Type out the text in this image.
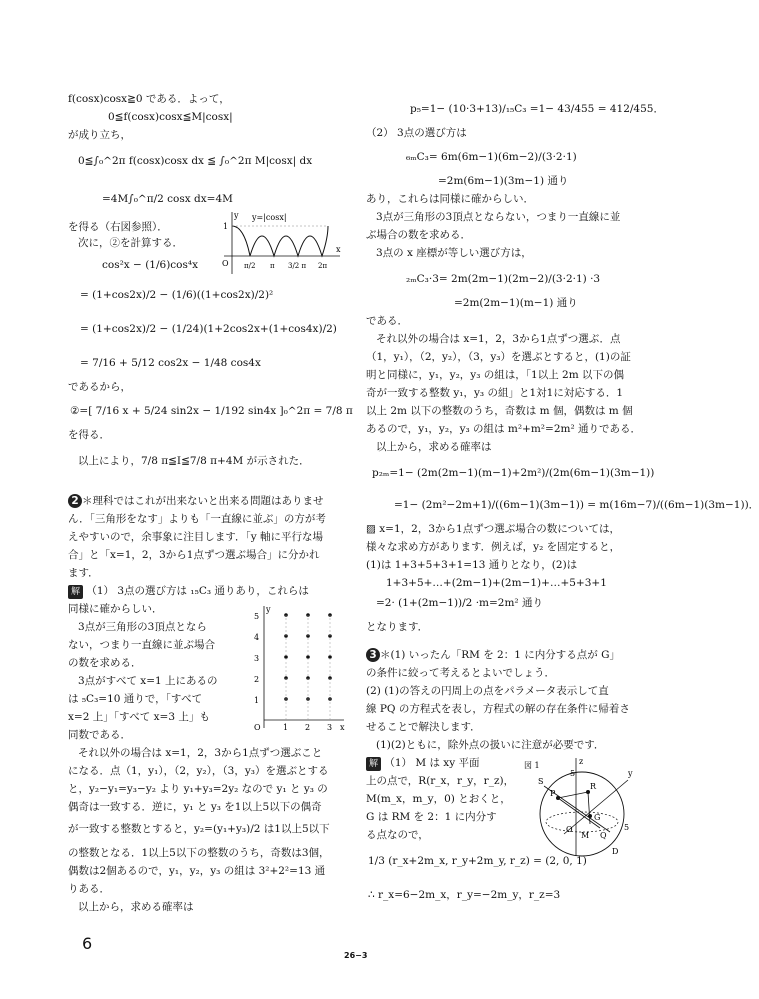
f(cosx)cosx≧0 である．よって，
0≦f(cosx)cosx≦M|cosx|
が成り立ち，
0≦∫₀^2π f(cosx)cosx dx ≦ ∫₀^2π M|cosx| dx
=4M∫₀^π/2 cosx dx=4M
を得る（右図参照）．
次に，②を計算する．
cos²x − (1/6)cos⁴x
= (1+cos2x)/2 − (1/6)((1+cos2x)/2)²
= (1+cos2x)/2 − (1/24)(1+2cos2x+(1+cos4x)/2)
= 7/16 + 5/12 cos2x − 1/48 cos4x
であるから，
②=[ 7/16 x + 5/24 sin2x − 1/192 sin4x ]₀^2π = 7/8 π
を得る．
以上により，7/8 π≦I≦7/8 π+4M が示された．
2 ＊理科ではこれが出来ないと出来る問題はありませ
ん．「三角形をなす」よりも「一直線に並ぶ」の方が考
えやすいので，余事象に注目します．「y 軸に平行な場
合」と「x=1，2，3から1点ずつ選ぶ場合」に分かれ
ます．
解 （1） 3点の選び方は ₁₅C₃ 通りあり，これらは
同様に確からしい．
3点が三角形の3頂点となら
ない，つまり一直線に並ぶ場合
の数を求める．
3点がすべて x=1 上にあるの
は ₅C₃=10 通りで，「すべて
x=2 上」「すべて x=3 上」も
同数である．
それ以外の場合は x=1，2，3から1点ずつ選ぶこと
になる．点（1，y₁），（2，y₂），（3，y₃）を選ぶとする
と，y₂−y₁=y₃−y₂ より y₁+y₃=2y₂ なので y₁ と y₃ の
偶奇は一致する．逆に，y₁ と y₃ を1以上5以下の偶奇
が一致する整数とすると，y₂=(y₁+y₃)/2 は1以上5以下
の整数となる．1以上5以下の整数のうち，奇数は3個，
偶数は2個あるので，y₁，y₂，y₃ の組は 3²+2²=13 通
りある．
以上から，求める確率は
y y=|cosx|
1
O
x
π/2 π 3/2 π 2π
y
x
O	1 2 3
1
2
3
4
5
p₅=1− (10·3+13)/₁₅C₃ =1− 43/455 = 412/455．
（2） 3点の選び方は
₆ₘC₃= 6m(6m−1)(6m−2)/(3·2·1)
=2m(6m−1)(3m−1) 通り
あり，これらは同様に確からしい．
3点が三角形の3頂点とならない，つまり一直線に並
ぶ場合の数を求める．
3点の x 座標が等しい選び方は，
₂ₘC₃·3= 2m(2m−1)(2m−2)/(3·2·1) ·3
=2m(2m−1)(m−1) 通り
である．
それ以外の場合は x=1，2，3から1点ずつ選ぶ．点
（1，y₁），（2，y₂），（3，y₃）を選ぶとすると，(1)の証
明と同様に，y₁，y₂，y₃ の組は，「1以上 2m 以下の偶
奇が一致する整数 y₁，y₃ の組」と1対1に対応する．1
以上 2m 以下の整数のうち，奇数は m 個，偶数は m 個
あるので，y₁，y₂，y₃ の組は m²+m²=2m² 通りである．
以上から，求める確率は
p₂ₘ=1− (2m(2m−1)(m−1)+2m²)/(2m(6m−1)(3m−1))
=1− (2m²−2m+1)/((6m−1)(3m−1)) = m(16m−7)/((6m−1)(3m−1))．
▨ x=1，2，3から1点ずつ選ぶ場合の数については，
様々な求め方があります．例えば，y₂ を固定すると，
(1)は 1+3+5+3+1=13 通りとなり，(2)は
1+3+5+…+(2m−1)+(2m−1)+…+5+3+1
=2· (1+(2m−1))/2 ·m=2m² 通り
となります．
3 ＊(1) いったん「RM を 2：1 に内分する点が G」
の条件に絞って考えるとよいでしょう．
(2) (1)の答えの円周上の点をパラメータ表示して直
線 PQ の方程式を表し，方程式の解の存在条件に帰着さ
せることで解決します．
(1)(2)ともに，除外点の扱いに注意が必要です．
解 （1） M は xy 平面
上の点で，R(r_x，r_y，r_z)，
M(m_x，m_y，0) とおくと，
G は RM を 2：1 に内分す
る点なので，
1/3 (r_x+2m_x, r_y+2m_y, r_z) = (2, 0, 1)
∴ r_x=6−2m_x，r_y=−2m_y，r_z=3
図 1	z
y
S
P
R
O
M
G
Q
D
5
5
6
26−3
